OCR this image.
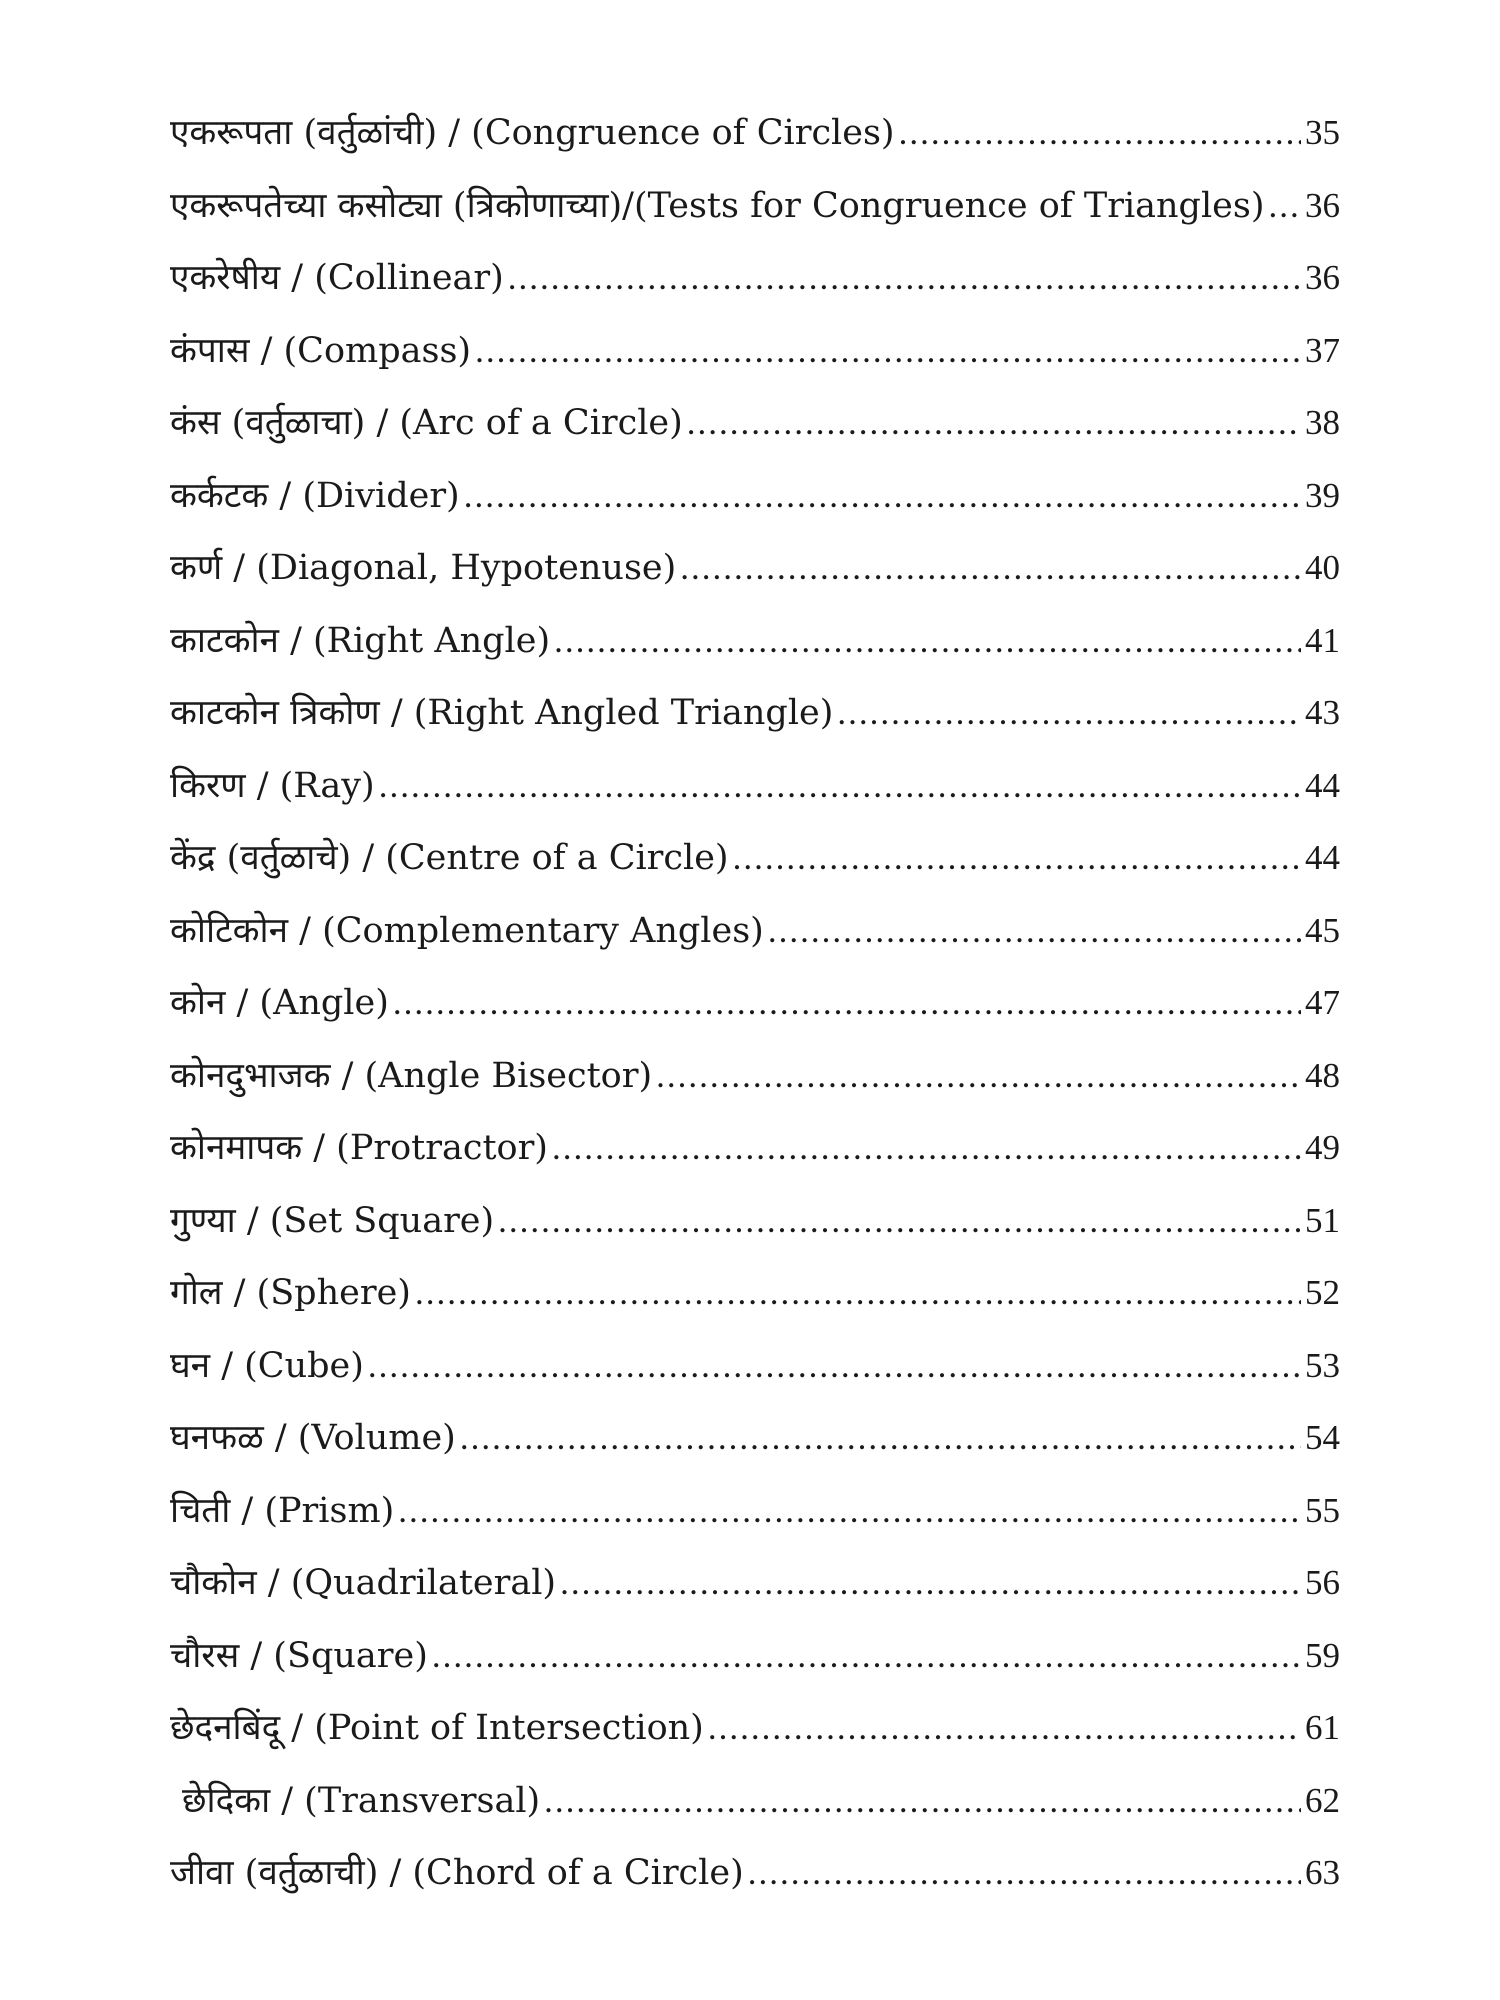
एकरूपता (वर्तुळांची) / (Congruence of Circles) .....	35
एकरूपतेच्या कसोट्या (त्रिकोणाच्या)/(Tests for Congruence of Triangles) ..... 36
एकरेषीय / (Collinear) .....	36
कंपास / (Compass) .....	37
कंस (वर्तुळाचा) / (Arc of a Circle) .....	38
कर्कटक / (Divider) .....	39
कर्ण / (Diagonal, Hypotenuse) .....	40
काटकोन / (Right Angle) .....	41
काटकोन त्रिकोण / (Right Angled Triangle) .....	43
किरण / (Ray) .....	44
केंद्र (वर्तुळाचे) / (Centre of a Circle) .....	44
कोटिकोन / (Complementary Angles) .....	45
कोन / (Angle) .....	47
कोनदुभाजक / (Angle Bisector) .....	48
कोनमापक / (Protractor) .....	49
गुण्या / (Set Square) .....	51
गोल / (Sphere) .....	52
घन / (Cube) .....	53
घनफळ / (Volume) .....	54
चिती / (Prism) .....	55
चौकोन / (Quadrilateral) .....	56
चौरस / (Square) .....	59
छेदनबिंदू / (Point of Intersection) .....	61
छेदिका / (Transversal) .....	62
जीवा (वर्तुळाची) / (Chord of a Circle) .....	63
